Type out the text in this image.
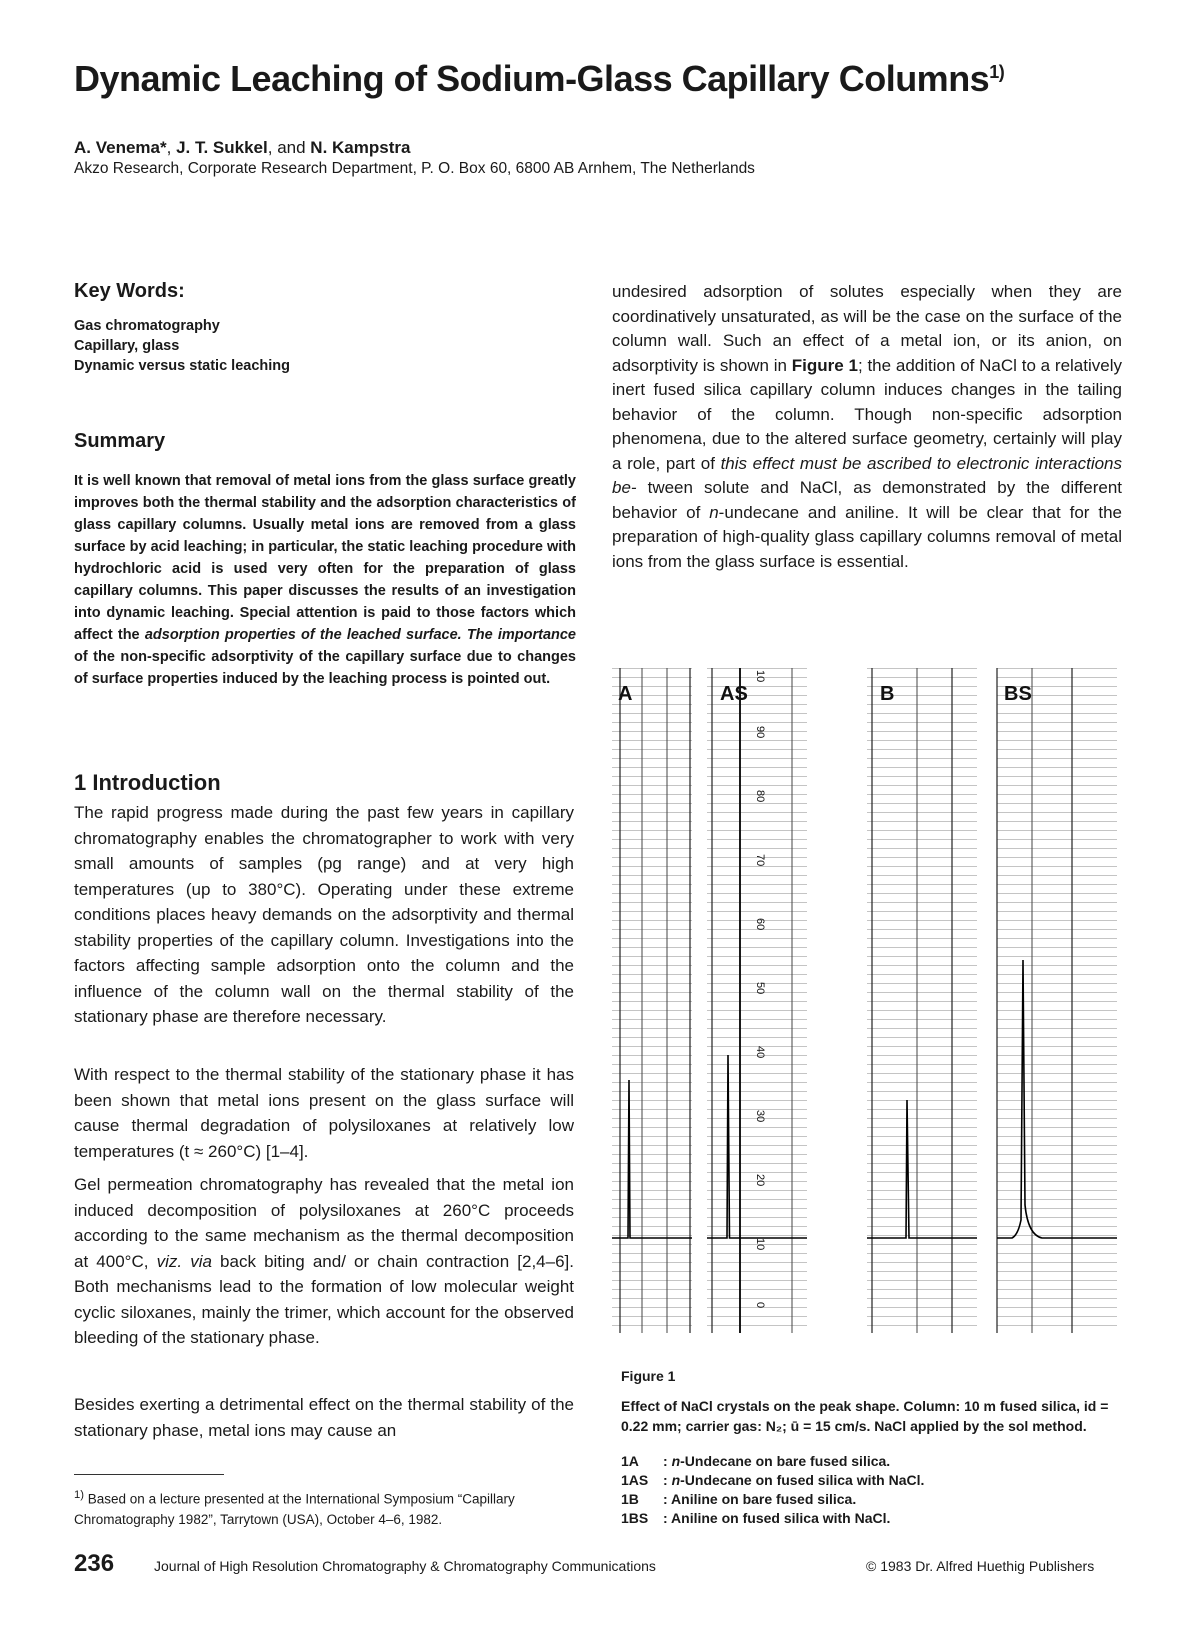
Dynamic Leaching of Sodium-Glass Capillary Columns$^{1)}$
A. Venema*, J. T. Sukkel, and N. Kampstra
Akzo Research, Corporate Research Department, P. O. Box 60, 6800 AB Arnhem, The Netherlands
Key Words:
Gas chromatography
Capillary, glass
Dynamic versus static leaching
Summary
It is well known that removal of metal ions from the glass surface greatly improves both the thermal stability and the adsorption characteristics of glass capillary columns. Usually metal ions are removed from a glass surface by acid leaching; in particular, the static leaching procedure with hydrochloric acid is used very often for the preparation of glass capillary columns. This paper discusses the results of an investigation into dynamic leaching. Special attention is paid to those factors which affect the adsorption properties of the leached surface. The importance of the non-specific adsorptivity of the capillary surface due to changes of surface properties induced by the leaching process is pointed out.
1 Introduction

The rapid progress made during the past few years in capillary chromatography enables the chromatographer to work with very small amounts of samples (pg range) and at very high temperatures (up to 380°C). Operating under these extreme conditions places heavy demands on the adsorptivity and thermal stability properties of the capillary column. Investigations into the factors affecting sample adsorption onto the column and the influence of the column wall on the thermal stability of the stationary phase are therefore necessary.

With respect to the thermal stability of the stationary phase it has been shown that metal ions present on the glass surface will cause thermal degradation of polysiloxanes at relatively low temperatures (t ≈ 260°C) [1–4].

Gel permeation chromatography has revealed that the metal ion induced decomposition of polysiloxanes at 260°C proceeds according to the same mechanism as the thermal decomposition at 400°C, viz. via back biting and/ or chain contraction [2,4–6]. Both mechanisms lead to the formation of low molecular weight cyclic siloxanes, mainly the trimer, which account for the observed bleeding of the stationary phase.

Besides exerting a detrimental effect on the thermal stability of the stationary phase, metal ions may cause an

undesired adsorption of solutes especially when they are coordinatively unsaturated, as will be the case on the surface of the column wall. Such an effect of a metal ion, or its anion, on adsorptivity is shown in Figure 1; the addition of NaCl to a relatively inert fused silica capillary column induces changes in the tailing behavior of the column. Though non-specific adsorption phenomena, due to the altered surface geometry, certainly will play a role, part of this effect must be ascribed to electronic interactions be- tween solute and NaCl, as demonstrated by the different behavior of n-undecane and aniline. It will be clear that for the preparation of high-quality glass capillary columns removal of metal ions from the glass surface is essential.

A	AS	B	BS
0
10
20
30
40
50
60
70
80
90
10
Figure 1
Effect of NaCl crystals on the peak shape. Column: 10 m fused silica, id = 0.22 mm; carrier gas: N₂; ū = 15 cm/s. NaCl applied by the sol method.
1A : n-Undecane on bare fused silica.
1AS : n-Undecane on fused silica with NaCl.
1B : Aniline on bare fused silica.
1BS : Aniline on fused silica with NaCl.
$^{1)}$ Based on a lecture presented at the International Symposium “Capillary Chromatography 1982”, Tarrytown (USA), October 4–6, 1982.
236	Journal of High Resolution Chromatography & Chromatography Communications	© 1983 Dr. Alfred Huethig Publishers
